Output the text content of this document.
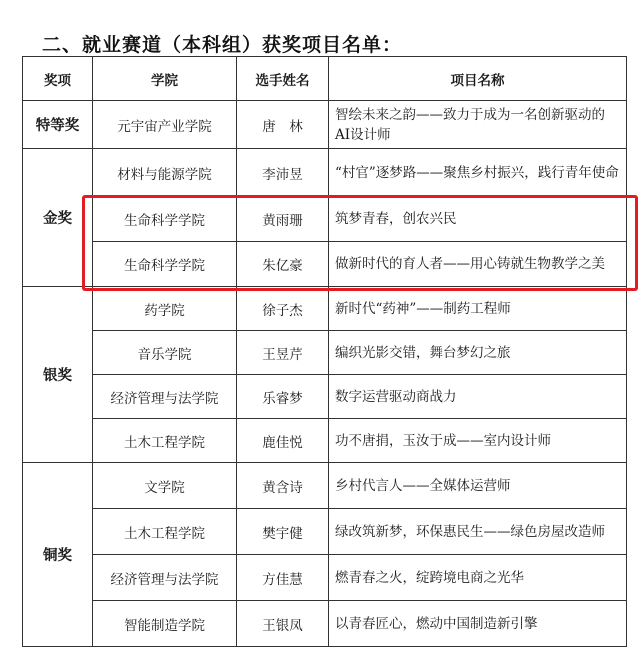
二、就业赛道（本科组）获奖项目名单：
奖项	学院	选手姓名	项目名称
特等奖	元宇宙产业学院	唐　林	智绘未来之韵——致力于成为一名创新驱动的AI设计师
金奖	材料与能源学院	李沛昱	“村官”逐梦路——聚焦乡村振兴，践行青年使命
	生命科学学院	黄雨珊	筑梦青春，创农兴民
	生命科学学院	朱亿豪	做新时代的育人者——用心铸就生物教学之美
银奖	药学院	徐子杰	新时代“药神”——制药工程师
	音乐学院	王昱芹	编织光影交错，舞台梦幻之旅
	经济管理与法学院	乐睿梦	数字运营驱动商战力
	土木工程学院	鹿佳悦	功不唐捐，玉汝于成——室内设计师
铜奖	文学院	黄含诗	乡村代言人——全媒体运营师
	土木工程学院	樊宇健	绿改筑新梦，环保惠民生——绿色房屋改造师
	经济管理与法学院	方佳慧	燃青春之火，绽跨境电商之光华
	智能制造学院	王银凤	以青春匠心，燃动中国制造新引擎
